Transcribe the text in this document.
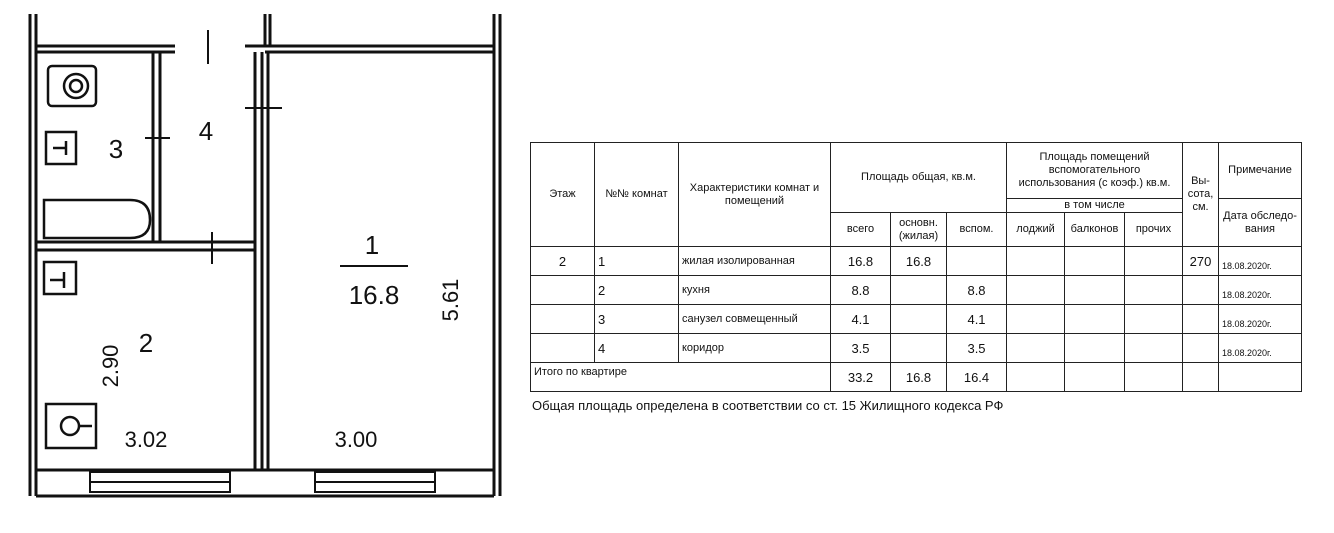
1
16.8
2
3
4
5.61
2.90
3.02	3.00
Этаж	№№ комнат	Характеристики комнат и помещений	Площадь общая, кв.м.			Площадь помещений вспомогательного использования (с коэф.) кв.м.			Вы-сота, см.	Примечание
						в том числе				Дата обследо-вания
			всего	основн. (жилая)	вспом.	лоджий	балконов	прочих		
2	1	жилая изолированная	16.8	16.8					270	18.08.2020г.
	2	кухня	8.8		8.8					18.08.2020г.
	3	санузел совмещенный	4.1		4.1					18.08.2020г.
	4	коридор	3.5		3.5					18.08.2020г.
Итого по квартире			33.2	16.8	16.4					
Общая площадь определена в соответствии со ст. 15 Жилищного кодекса РФ
